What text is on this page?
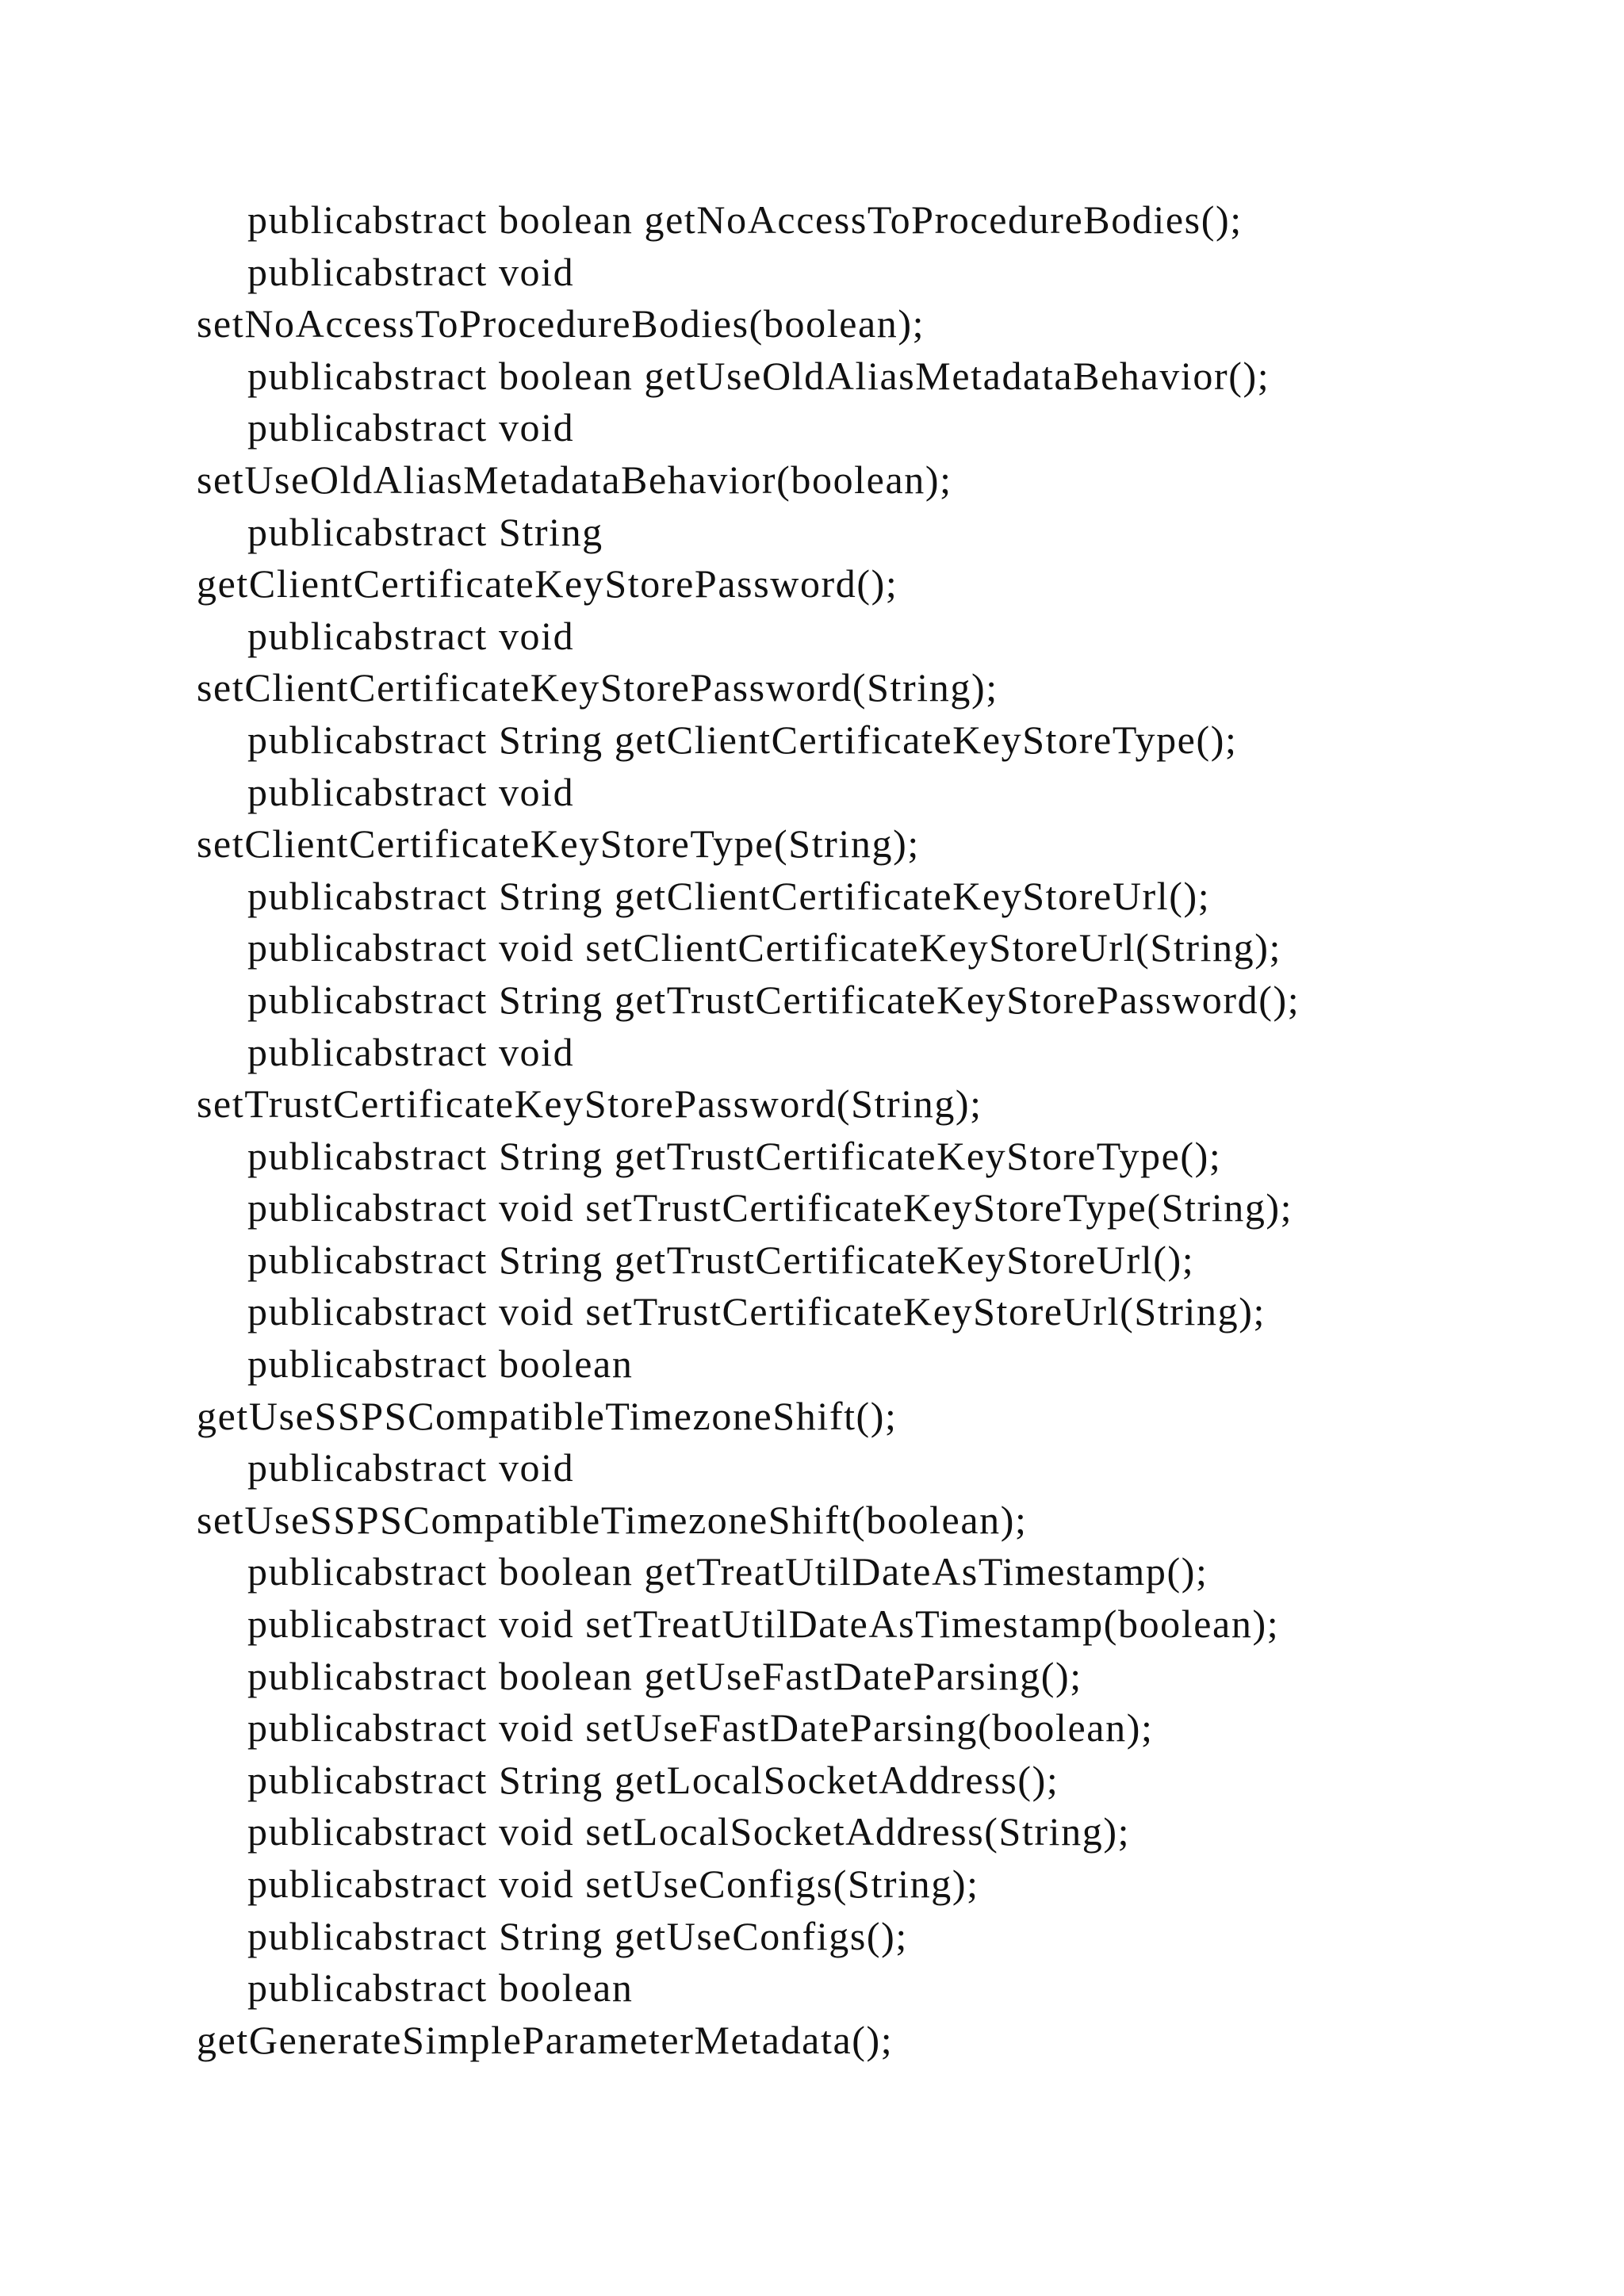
publicabstract boolean getNoAccessToProcedureBodies();
publicabstract void
setNoAccessToProcedureBodies(boolean);
publicabstract boolean getUseOldAliasMetadataBehavior();
publicabstract void
setUseOldAliasMetadataBehavior(boolean);
publicabstract String
getClientCertificateKeyStorePassword();
publicabstract void
setClientCertificateKeyStorePassword(String);
publicabstract String getClientCertificateKeyStoreType();
publicabstract void
setClientCertificateKeyStoreType(String);
publicabstract String getClientCertificateKeyStoreUrl();
publicabstract void setClientCertificateKeyStoreUrl(String);
publicabstract String getTrustCertificateKeyStorePassword();
publicabstract void
setTrustCertificateKeyStorePassword(String);
publicabstract String getTrustCertificateKeyStoreType();
publicabstract void setTrustCertificateKeyStoreType(String);
publicabstract String getTrustCertificateKeyStoreUrl();
publicabstract void setTrustCertificateKeyStoreUrl(String);
publicabstract boolean
getUseSSPSCompatibleTimezoneShift();
publicabstract void
setUseSSPSCompatibleTimezoneShift(boolean);
publicabstract boolean getTreatUtilDateAsTimestamp();
publicabstract void setTreatUtilDateAsTimestamp(boolean);
publicabstract boolean getUseFastDateParsing();
publicabstract void setUseFastDateParsing(boolean);
publicabstract String getLocalSocketAddress();
publicabstract void setLocalSocketAddress(String);
publicabstract void setUseConfigs(String);
publicabstract String getUseConfigs();
publicabstract boolean
getGenerateSimpleParameterMetadata();
